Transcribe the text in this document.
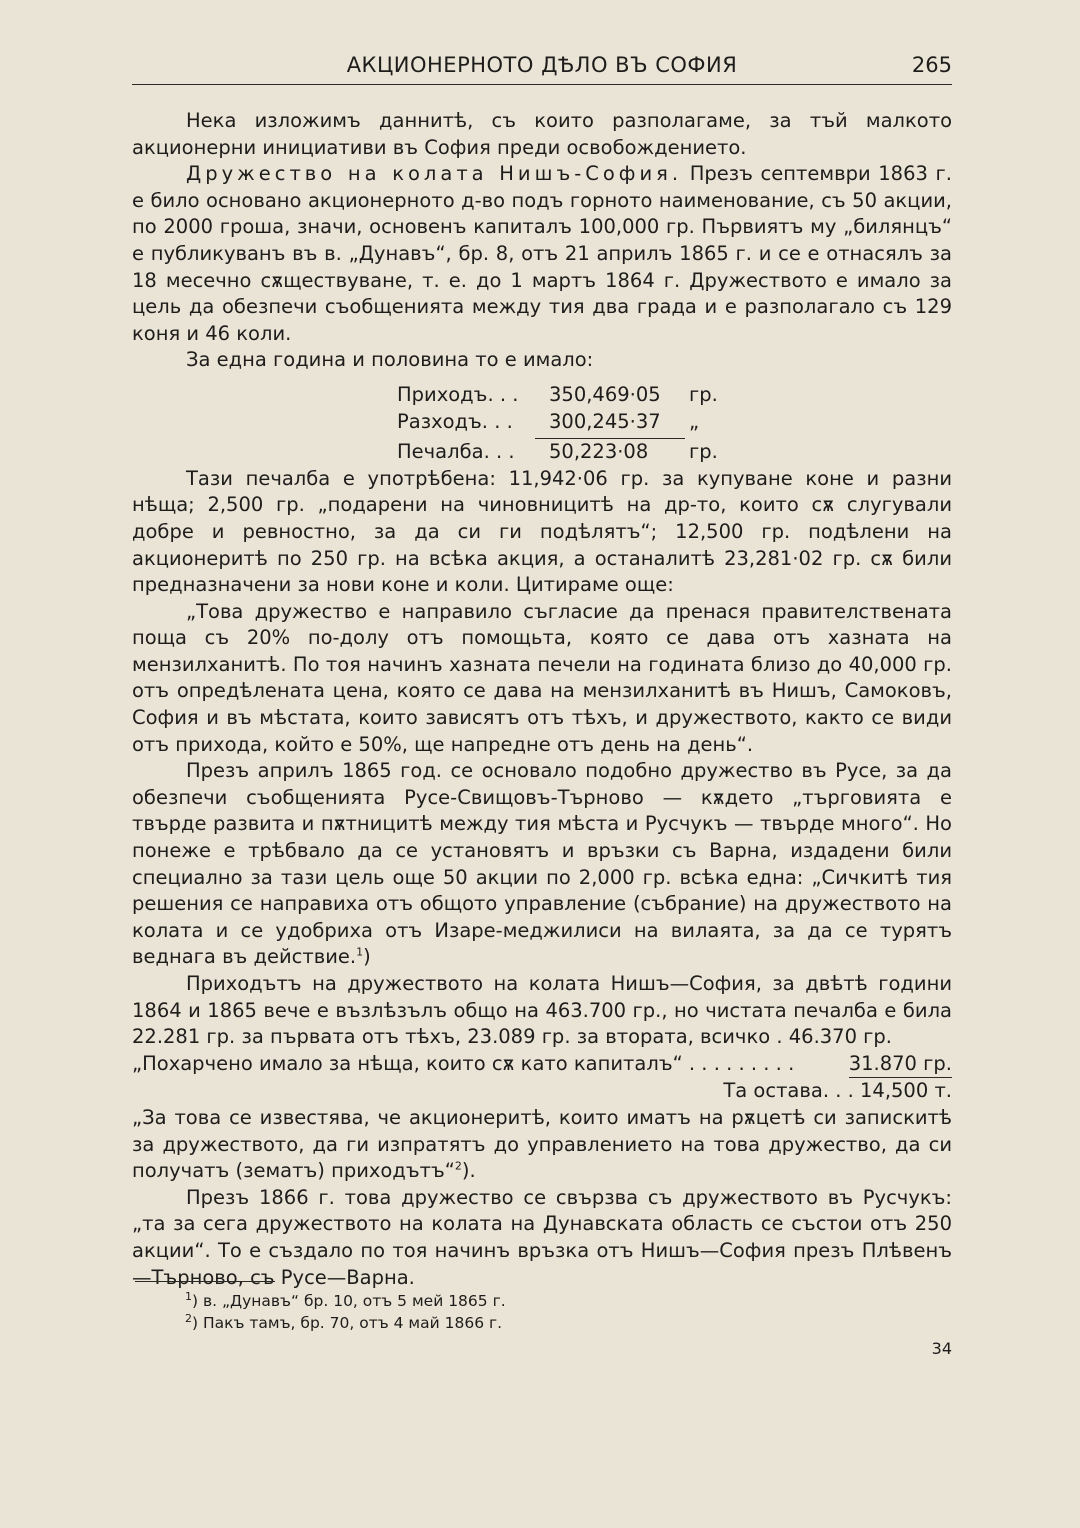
АКЦИОНЕРНОТО ДѢЛО ВЪ СОФИЯ	265

Нека изложимъ даннитѣ, съ които разполагаме, за тъй малкото акционерни инициативи въ София преди освобождението.

Дружество на колата Нишъ-София. Презъ септември 1863 г. е било основано акционерното д-во подъ горното наименование, съ 50 акции, по 2000 гроша, значи, основенъ капиталъ 100,000 гр. Първиятъ му „билянцъ“ е публикуванъ въ в. „Дунавъ“, бр. 8, отъ 21 априлъ 1865 г. и се е отнасялъ за 18 месечно сѫществуване, т. е. до 1 мартъ 1864 г. Дружеството е имало за цель да обезпечи съобщенията между тия два града и е разполагало съ 129 коня и 46 коли.

За една година и половина то е имало:

Приходъ. . .	350,469·05	гр.
Разходъ. . .	300,245·37	„
Печалба. . .	50,223·08	гр.

Тази печалба е употрѣбена: 11,942·06 гр. за купуване коне и разни нѣща; 2,500 гр. „подарени на чиновницитѣ на др-то, които сѫ слугували добре и ревностно, за да си ги подѣлятъ“; 12,500 гр. подѣлени на акционеритѣ по 250 гр. на всѣка акция, а останалитѣ 23,281·02 гр. сѫ били предназначени за нови коне и коли. Цитираме още:

„Това дружество е направило съгласие да пренася правителствената поща съ 20% по-долу отъ помощьта, която се дава отъ хазната на мензилханитѣ. По тоя начинъ хазната печели на годината близо до 40,000 гр. отъ опредѣлената цена, която се дава на мензилханитѣ въ Нишъ, Самоковъ, София и въ мѣстата, които зависятъ отъ тѣхъ, и дружеството, както се види отъ прихода, който е 50%, ще напредне отъ день на день“.

Презъ априлъ 1865 год. се основало подобно дружество въ Русе, за да обезпечи съобщенията Русе-Свищовъ-Търново — кѫдето „търговията е твърде развита и пѫтницитѣ между тия мѣста и Русчукъ — твърде много“. Но понеже е трѣбвало да се установятъ и връзки съ Варна, издадени били специално за тази цель още 50 акции по 2,000 гр. всѣка една: „Сичкитѣ тия решения се направиха отъ общото управление (събрание) на дружеството на колата и се удобриха отъ Изаре-меджилиси на вилаята, за да се турятъ веднага въ действие.$^1$)

Приходътъ на дружеството на колата Нишъ—София, за двѣтѣ години 1864 и 1865 вече е възлѣзълъ общо на 463.700 гр., но чистата печалба е била 22.281 гр. за първата отъ тѣхъ, 23.089 гр. за втората, всичко . 46.370 гр.

„Похарчено имало за нѣща, които сѫ като капиталъ“ . . . . . . . . .	31.870 гр.
Та остава. . . 14,500 т.

„За това се известява, че акционеритѣ, които иматъ на рѫцетѣ си запискитѣ за дружеството, да ги изпратятъ до управлението на това дружество, да си получатъ (зематъ) приходътъ“$^2$).

Презъ 1866 г. това дружество се свързва съ дружеството въ Русчукъ: „та за сега дружеството на колата на Дунавската область се състои отъ 250 акции“. То е създало по тоя начинъ връзка отъ Нишъ—София презъ Плѣвенъ —Търново, съ Русе—Варна.

$^1$) в. „Дунавъ“ бр. 10, отъ 5 мей 1865 г.
$^2$) Пакъ тамъ, бр. 70, отъ 4 май 1866 г.
34
